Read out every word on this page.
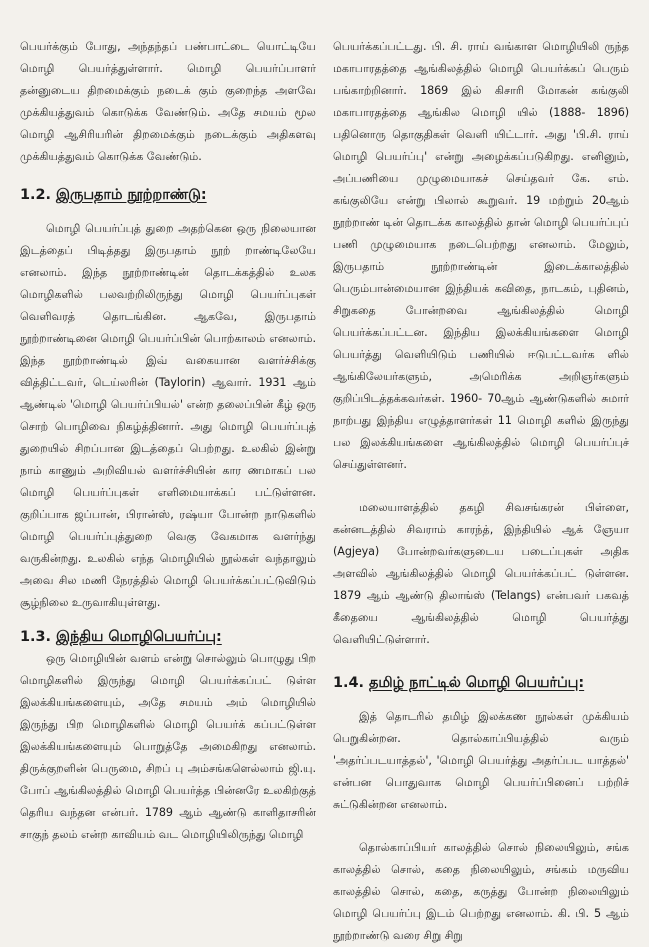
பெயர்க்கும் போது, அந்தந்தப் பண்பாட்டை யொட்டியே மொழி பெயர்த்துள்ளார். மொழி பெயர்ப்பாளர் தன்னுடைய திறமைக்கும் நடைக் கும் குறைந்த அளவே முக்கியத்துவம் கொடுக்க வேண்டும். அதே சமயம் மூல மொழி ஆசிரியரின் திறமைக்கும் நடைக்கும் அதிகளவு முக்கியத்துவம் கொடுக்க வேண்டும்.

1.2. இருபதாம் நூற்றாண்டு:

மொழி பெயர்ப்புத் துறை அதற்கென ஒரு நிலையான இடத்தைப் பிடித்தது இருபதாம் நூற் றாண்டிலேயே எனலாம். இந்த நூற்றாண்டின் தொடக்கத்தில் உலக மொழிகளில் பலவற்றிலிருந்து மொழி பெயர்ப்புகள் வெளிவரத் தொடங்கின. ஆகவே, இருபதாம் நூற்றாண்டினை மொழி பெயர்ப்பின் பொற்காலம் எனலாம். இந்த நூற்றாண்டில் இவ் வகையான வளர்ச்சிக்கு வித்திட்டவர், டெய்லரின் (Taylorin) ஆவார். 1931 ஆம் ஆண்டில் 'மொழி பெயர்ப்பியல்' என்ற தலைப்பின் கீழ் ஒரு சொற் பொழிவை நிகழ்த்தினார். அது மொழி பெயர்ப்புத் துறையில் சிறப்பான இடத்தைப் பெற்றது. உலகில் இன்று நாம் காணும் அறிவியல் வளர்ச்சியின் கார ணமாகப் பல மொழி பெயர்ப்புகள் எளிமையாக்கப் பட்டுள்ளன. குறிப்பாக ஜப்பான், பிரான்ஸ், ரஷ்யா போன்ற நாடுகளில் மொழி பெயர்ப்புத்துறை வெகு வேகமாக வளர்ந்து வருகின்றது. உலகில் எந்த மொழியில் நூல்கள் வந்தாலும் அவை சில மணி நேரத்தில் மொழி பெயர்க்கப்பட்டுவிடும் சூழ்நிலை உருவாகியுள்ளது.

1.3. இந்திய மொழிபெயர்ப்பு:

ஒரு மொழியின் வளம் என்று சொல்லும் பொழுது பிற மொழிகளில் இருந்து மொழி பெயர்க்கப்பட் டுள்ள இலக்கியங்களையும், அதே சமயம் அம் மொழியில் இருந்து பிற மொழிகளில் மொழி பெயர்க் கப்பட்டுள்ள இலக்கியங்களையும் பொறுத்தே அமைகிறது எனலாம். திருக்குறளின் பெருமை, சிறப் பு அம்சங்களெல்லாம் ஜி.யு. போப் ஆங்கிலத்தில் மொழி பெயர்த்த பின்னரே உலகிற்குத் தெரிய வந்தன என்பர். 1789 ஆம் ஆண்டு காளிதாசரின் சாகுந் தலம் என்ற காவியம் வட மொழியிலிருந்து மொழி

பெயர்க்கப்பட்டது. பி. சி. ராய் வங்காள மொழியிலி ருந்த மகாபாரதத்தை ஆங்கிலத்தில் மொழி பெயர்க்கப் பெரும் பங்காற்றினார். 1869 இல் கிசாரி மோகன் கங்குலி மகாபாரதத்தை ஆங்கில மொழி யில் (1888- 1896) பதினொரு தொகுதிகள் வெளி யிட்டார். அது 'பி.சி. ராய் மொழி பெயர்ப்பு' என்று அழைக்கப்படுகிறது. எனினும், அப்பணியை முழுமையாகச் செய்தவர் கே. எம். கங்குலியே என்று பிலால் கூறுவர். 19 மற்றும் 20ஆம் நூற்றாண் டின் தொடக்க காலத்தில் தான் மொழி பெயர்ப்புப் பணி முழுமையாக நடைபெற்றது எனலாம். மேலும், இருபதாம் நூற்றாண்டின் இடைக்காலத்தில் பெரும்பான்மையான இந்தியக் கவிதை, நாடகம், புதினம், சிறுகதை போன்றவை ஆங்கிலத்தில் மொழி பெயர்க்கப்பட்டன. இந்திய இலக்கியங்களை மொழி பெயர்த்து வெளியிடும் பணியில் ஈடுபட்டவர்க ளில் ஆங்கிலேயர்களும், அமெரிக்க அறிஞர்களும் குறிப்பிடத்தக்கவர்கள். 1960- 70ஆம் ஆண்டுகளில் சுமார் நாற்பது இந்திய எழுத்தாளர்கள் 11 மொழி களில் இருந்து பல இலக்கியங்களை ஆங்கிலத்தில் மொழி பெயர்ப்புச் செய்துள்ளனர்.

மலையாளத்தில் தகழி சிவசங்கரன் பிள்ளை, கன்னடத்தில் சிவராம் காரந்த், இந்தியில் ஆக் ஞேயா (Agjeya) போன்றவர்களுடைய படைப்புகள் அதிக அளவில் ஆங்கிலத்தில் மொழி பெயர்க்கப்பட் டுள்ளன. 1879 ஆம் ஆண்டு திலாங்ஸ் (Telangs) என்பவர் பகவத் கீதையை ஆங்கிலத்தில் மொழி பெயர்த்து வெளியிட்டுள்ளார்.

1.4. தமிழ் நாட்டில் மொழி பெயர்ப்பு:

இத் தொடரில் தமிழ் இலக்கண நூல்கள் முக்கியம் பெறுகின்றன. தொல்காப்பியத்தில் வரும் 'அதர்ப்படயாத்தல்', 'மொழி பெயர்த்து அதர்ப்பட யாத்தல்' என்பன பொதுவாக மொழி பெயர்ப்பினைப் பற்றிச் சுட்டுகின்றன எனலாம்.

தொல்காப்பியர் காலத்தில் சொல் நிலையிலும், சங்க காலத்தில் சொல், கதை நிலையிலும், சங்கம் மருவிய காலத்தில் சொல், கதை, கருத்து போன்ற நிலையிலும் மொழி பெயர்ப்பு இடம் பெற்றது எனலாம். கி. பி. 5 ஆம் நூற்றாண்டு வரை சிறு சிறு
